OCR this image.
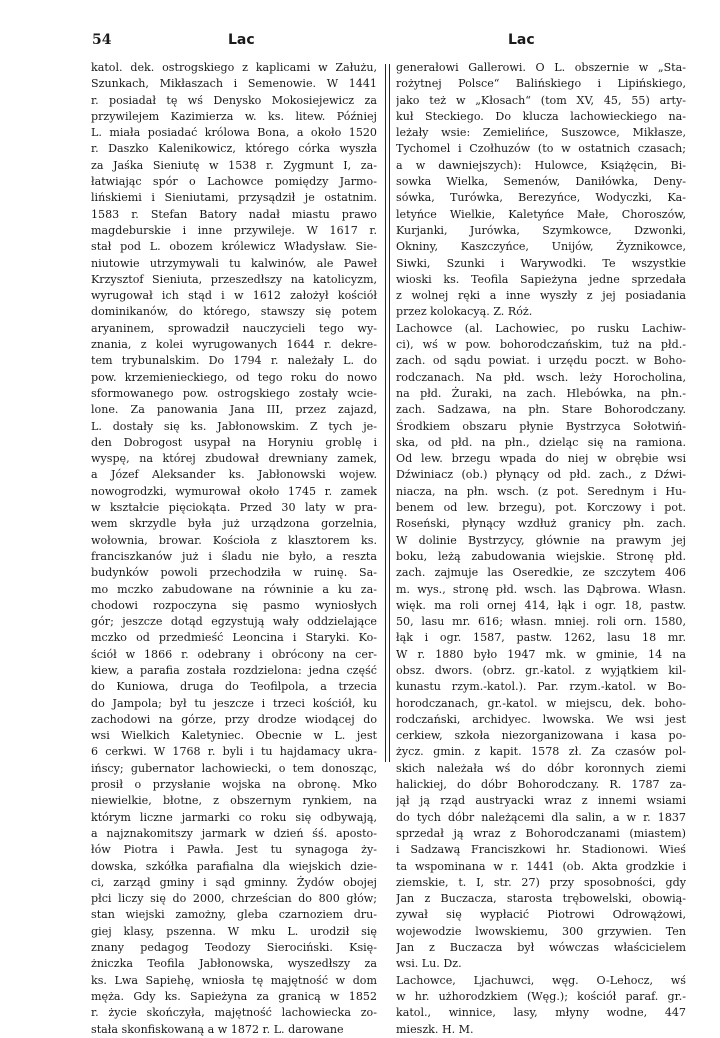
54	Lac	Lac
katol. dek. ostrogskiego z kaplicami w Załużu,
Szunkach, Mikłaszach i Semenowie. W 1441
r. posiadał tę wś Denysko Mokosiejewicz za
przywilejem Kazimierza w. ks. litew. Później
L. miała posiadać królowa Bona, a około 1520
r. Daszko Kalenikowicz, którego córka wyszła
za Jaśka Sieniutę w 1538 r. Zygmunt I, za-
łatwiając spór o Lachowce pomiędzy Jarmo-
lińskiemi i Sieniutami, przysądził je ostatnim.
1583 r. Stefan Batory nadał miastu prawo
magdeburskie i inne przywileje. W 1617 r.
stał pod L. obozem królewicz Władysław. Sie-
niutowie utrzymywali tu kalwinów, ale Paweł
Krzysztof Sieniuta, przeszedłszy na katolicyzm,
wyrugował ich stąd i w 1612 założył kościół
dominikanów, do którego, stawszy się potem
aryaninem, sprowadził nauczycieli tego wy-
znania, z kolei wyrugowanych 1644 r. dekre-
tem trybunalskim. Do 1794 r. należały L. do
pow. krzemienieckiego, od tego roku do nowo
sformowanego pow. ostrogskiego zostały wcie-
lone. Za panowania Jana III, przez zajazd,
L. dostały się ks. Jabłonowskim. Z tych je-
den Dobrogost usypał na Horyniu groblę i
wyspę, na której zbudował drewniany zamek,
a Józef Aleksander ks. Jabłonowski wojew.
nowogrodzki, wymurował około 1745 r. zamek
w kształcie pięciokąta. Przed 30 laty w pra-
wem skrzydle była już urządzona gorzelnia,
wołownia, browar. Kościoła z klasztorem ks.
franciszkanów już i śladu nie było, a reszta
budynków powoli przechodziła w ruinę. Sa-
mo mczko zabudowane na równinie a ku za-
chodowi rozpoczyna się pasmo wyniosłych
gór; jeszcze dotąd egzystują wały oddzielające
mczko od przedmieść Leoncina i Staryki. Ko-
ściół w 1866 r. odebrany i obrócony na cer-
kiew, a parafia została rozdzielona: jedna część
do Kuniowa, druga do Teofilpola, a trzecia
do Jampola; był tu jeszcze i trzeci kościół, ku
zachodowi na górze, przy drodze wiodącej do
wsi Wielkich Kaletyniec. Obecnie w L. jest
6 cerkwi. W 1768 r. byli i tu hajdamacy ukra-
ińscy; gubernator lachowiecki, o tem donosząc,
prosił o przysłanie wojska na obronę. Mko
niewielkie, błotne, z obszernym rynkiem, na
którym liczne jarmarki co roku się odbywają,
a najznakomitszy jarmark w dzień śś. aposto-
łów Piotra i Pawła. Jest tu synagoga ży-
dowska, szkółka parafialna dla wiejskich dzie-
ci, zarząd gminy i sąd gminny. Żydów obojej
płci liczy się do 2000, chrześcian do 800 głów;
stan wiejski zamożny, gleba czarnoziem dru-
giej klasy, pszenna. W mku L. urodził się
znany pedagog Teodozy Sierociński. Księ-
żniczka Teofila Jabłonowska, wyszedłszy za
ks. Lwa Sapiehę, wniosła tę majętność w dom
męża. Gdy ks. Sapieżyna za granicą w 1852
r. życie skończyła, majętność lachowiecka zo-
stała skonfiskowaną a w 1872 r. L. darowane
generałowi Gallerowi. O L. obszernie w „Sta-
rożytnej Polsce“ Balińskiego i Lipińskiego,
jako też w „Kłosach“ (tom XV, 45, 55) arty-
kuł Steckiego. Do klucza lachowieckiego na-
leżały wsie: Zemielińce, Suszowce, Mikłasze,
Tychomel i Czołhuzów (to w ostatnich czasach;
a w dawniejszych): Hulowce, Książęcin, Bi-
sowka Wielka, Semenów, Daniłówka, Deny-
sówka, Turówka, Berezyńce, Wodyczki, Ka-
letyńce Wielkie, Kaletyńce Małe, Choroszów,
Kurjanki, Jurówka, Szymkowce, Dzwonki,
Okniny, Kaszczyńce, Unijów, Żyznikowce,
Siwki, Szunki i Warywodki. Te wszystkie
wioski ks. Teofila Sapieżyna jedne sprzedała
z wolnej ręki a inne wyszły z jej posiadania
przez kolokacyą. Z. Róż.
Lachowce (al. Lachowiec, po rusku Lachiw-
ci), wś w pow. bohorodczańskim, tuż na płd.-
zach. od sądu powiat. i urzędu poczt. w Boho-
rodczanach. Na płd. wsch. leży Horocholina,
na płd. Żuraki, na zach. Hlebówka, na płn.-
zach. Sadzawa, na płn. Stare Bohorodczany.
Środkiem obszaru płynie Bystrzyca Sołotwiń-
ska, od płd. na płn., dzieląc się na ramiona.
Od lew. brzegu wpada do niej w obrębie wsi
Dźwiniacz (ob.) płynący od płd. zach., z Dźwi-
niacza, na płn. wsch. (z pot. Serednym i Hu-
benem od lew. brzegu), pot. Korczowy i pot.
Roseński, płynący wzdłuż granicy płn. zach.
W dolinie Bystrzycy, głównie na prawym jej
boku, leżą zabudowania wiejskie. Stronę płd.
zach. zajmuje las Oseredkie, ze szczytem 406
m. wys., stronę płd. wsch. las Dąbrowa. Własn.
więk. ma roli ornej 414, łąk i ogr. 18, pastw.
50, lasu mr. 616; własn. mniej. roli orn. 1580,
łąk i ogr. 1587, pastw. 1262, lasu 18 mr.
W r. 1880 było 1947 mk. w gminie, 14 na
obsz. dwors. (obrz. gr.-katol. z wyjątkiem kil-
kunastu rzym.-katol.). Par. rzym.-katol. w Bo-
horodczanach, gr.-katol. w miejscu, dek. boho-
rodczański, archidyec. lwowska. We wsi jest
cerkiew, szkoła niezorganizowana i kasa po-
życz. gmin. z kapit. 1578 zł. Za czasów pol-
skich należała wś do dóbr koronnych ziemi
halickiej, do dóbr Bohorodczany. R. 1787 za-
jął ją rząd austryacki wraz z innemi wsiami
do tych dóbr należącemi dla salin, a w r. 1837
sprzedał ją wraz z Bohorodczanami (miastem)
i Sadzawą Franciszkowi hr. Stadionowi. Wieś
ta wspominana w r. 1441 (ob. Akta grodzkie i
ziemskie, t. I, str. 27) przy sposobności, gdy
Jan z Buczacza, starosta trębowelski, obowią-
zywał się wypłacić Piotrowi Odrowążowi,
wojewodzie lwowskiemu, 300 grzywien. Ten
Jan z Buczacza był wówczas właścicielem
wsi. Lu. Dz.
Lachowce, Ljachuwci, węg. O-Lehocz, wś
w hr. użhorodzkiem (Węg.); kościół paraf. gr.-
katol., winnice, lasy, młyny wodne, 447
mieszk. H. M.
